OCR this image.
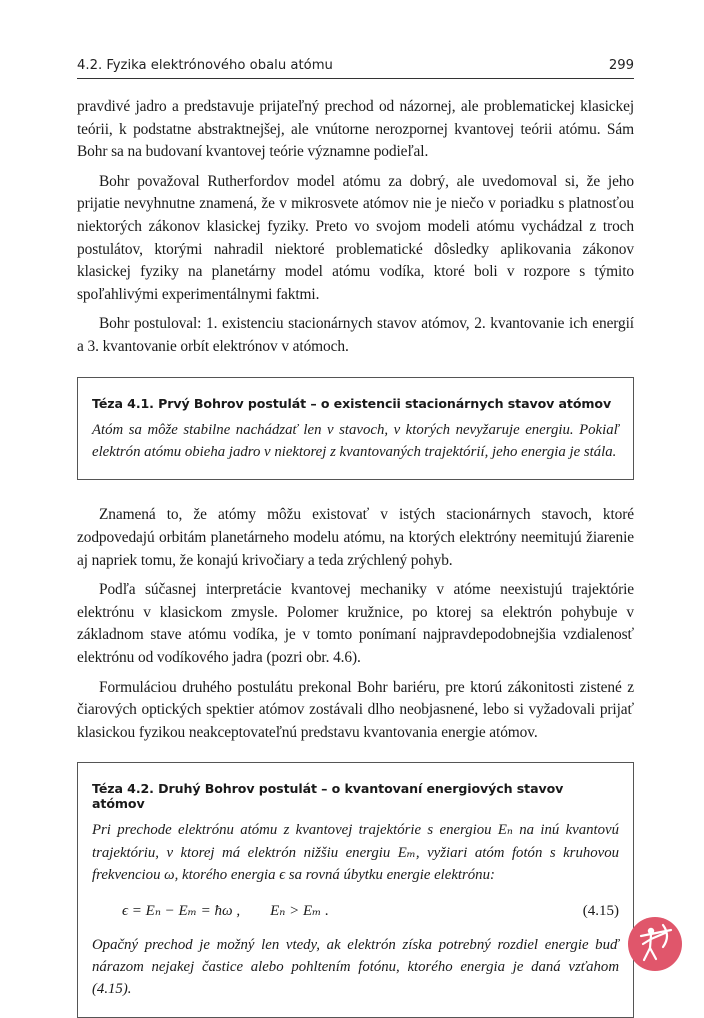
4.2. Fyzika elektrónového obalu atómu	299

pravdivé jadro a predstavuje prijateľný prechod od názornej, ale problematickej klasickej teórii, k podstatne abstraktnejšej, ale vnútorne nerozpornej kvantovej teórii atómu. Sám Bohr sa na budovaní kvantovej teórie významne podieľal.

Bohr považoval Rutherfordov model atómu za dobrý, ale uvedomoval si, že jeho prijatie nevyhnutne znamená, že v mikrosvete atómov nie je niečo v poriadku s platnosťou niektorých zákonov klasickej fyziky. Preto vo svojom modeli atómu vychádzal z troch postulátov, ktorými nahradil niektoré problematické dôsledky aplikovania zákonov klasickej fyziky na planetárny model atómu vodíka, ktoré boli v rozpore s týmito spoľahlivými experimentálnymi faktmi.

Bohr postuloval: 1. existenciu stacionárnych stavov atómov, 2. kvantovanie ich energií a 3. kvantovanie orbít elektrónov v atómoch.

Téza 4.1. Prvý Bohrov postulát – o existencii stacionárnych stavov atómov

Atóm sa môže stabilne nachádzať len v stavoch, v ktorých nevyžaruje energiu. Pokiaľ elektrón atómu obieha jadro v niektorej z kvantovaných trajektórií, jeho energia je stála.

Znamená to, že atómy môžu existovať v istých stacionárnych stavoch, ktoré zodpovedajú orbitám planetárneho modelu atómu, na ktorých elektróny neemitujú žiarenie aj napriek tomu, že konajú krivočiary a teda zrýchlený pohyb.

Podľa súčasnej interpretácie kvantovej mechaniky v atóme neexistujú trajektórie elektrónu v klasickom zmysle. Polomer kružnice, po ktorej sa elektrón pohybuje v základnom stave atómu vodíka, je v tomto ponímaní najpravdepodobnejšia vzdialenosť elektrónu od vodíkového jadra (pozri obr. 4.6).

Formuláciou druhého postulátu prekonal Bohr bariéru, pre ktorú zákonitosti zistené z čiarových optických spektier atómov zostávali dlho neobjasnené, lebo si vyžadovali prijať klasickou fyzikou neakceptovateľnú predstavu kvantovania energie atómov.

Téza 4.2. Druhý Bohrov postulát – o kvantovaní energiových stavov atómov

Pri prechode elektrónu atómu z kvantovej trajektórie s energiou Eₙ na inú kvantovú trajektóriu, v ktorej má elektrón nižšiu energiu Eₘ, vyžiari atóm fotón s kruhovou frekvenciou ω, ktorého energia ϵ sa rovná úbytku energie elektrónu:

ϵ = Eₙ − Eₘ = ħω ,        Eₙ > Eₘ .	(4.15)

Opačný prechod je možný len vtedy, ak elektrón získa potrebný rozdiel energie buď nárazom nejakej častice alebo pohltením fotónu, ktorého energia je daná vzťahom (4.15).
